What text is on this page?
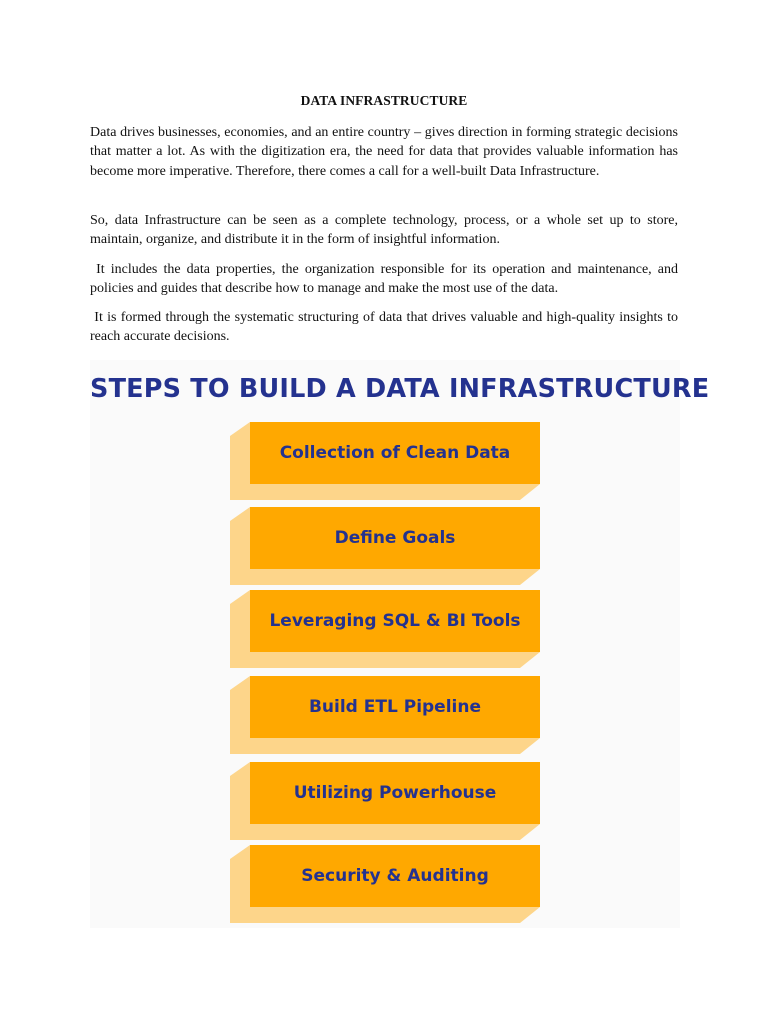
DATA INFRASTRUCTURE

Data drives businesses, economies, and an entire country – gives direction in forming strategic decisions that matter a lot. As with the digitization era, the need for data that provides valuable information has become more imperative. Therefore, there comes a call for a well-built Data Infrastructure.

So, data Infrastructure can be seen as a complete technology, process, or a whole set up to store, maintain, organize, and distribute it in the form of insightful information.

It includes the data properties, the organization responsible for its operation and maintenance, and policies and guides that describe how to manage and make the most use of the data.

It is formed through the systematic structuring of data that drives valuable and high-quality insights to reach accurate decisions.

STEPS TO BUILD A DATA INFRASTRUCTURE
Collection of Clean Data
Define Goals
Leveraging SQL & BI Tools
Build ETL Pipeline
Utilizing Powerhouse
Security & Auditing
